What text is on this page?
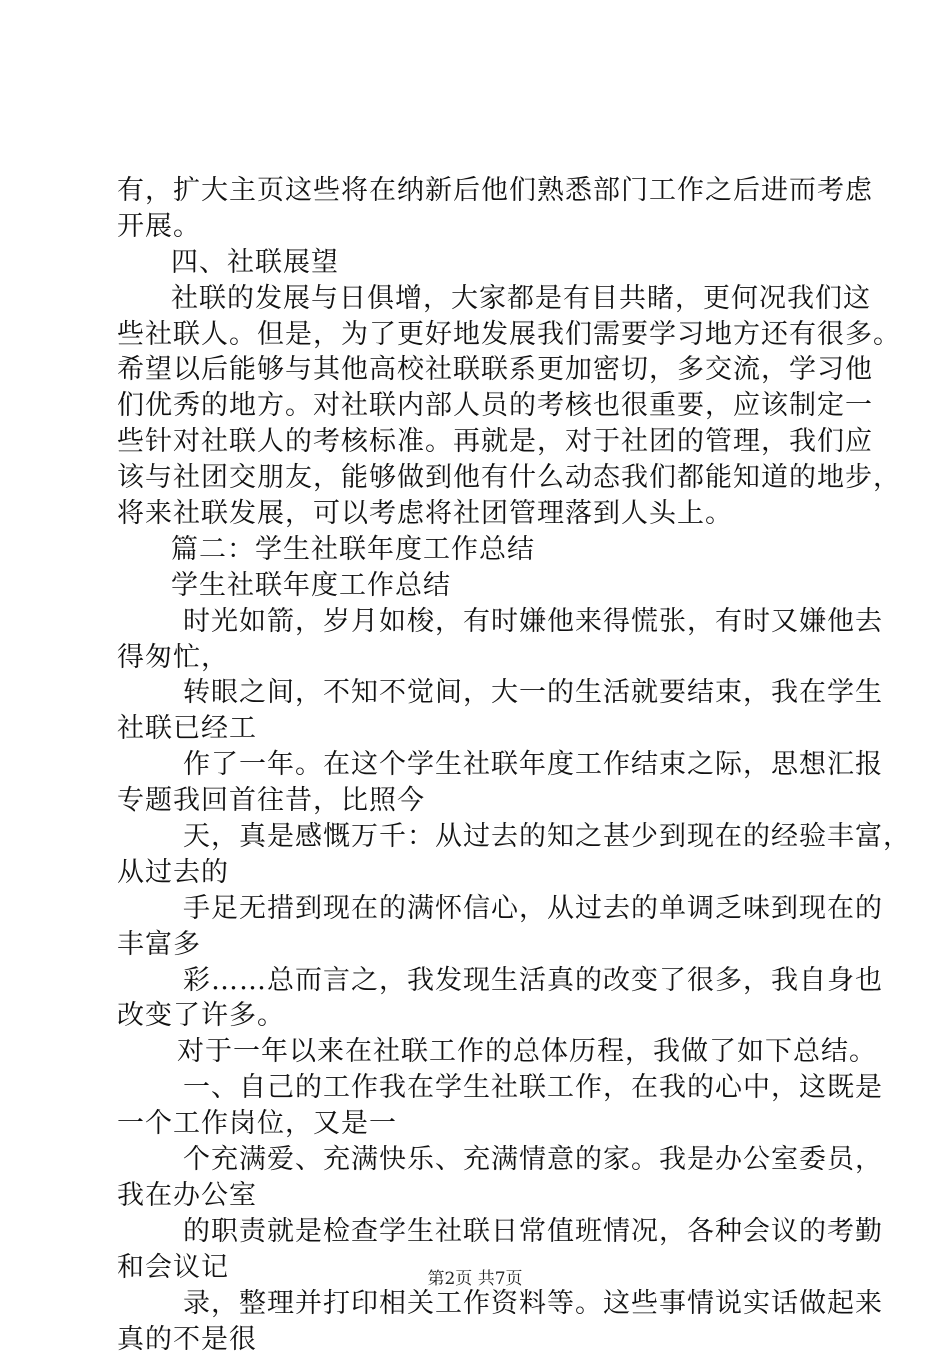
有，扩大主页这些将在纳新后他们熟悉部门工作之后进而考虑
开展。
四、社联展望
社联的发展与日俱增，大家都是有目共睹，更何况我们这
些社联人。但是，为了更好地发展我们需要学习地方还有很多。
希望以后能够与其他高校社联联系更加密切，多交流，学习他
们优秀的地方。对社联内部人员的考核也很重要，应该制定一
些针对社联人的考核标准。再就是，对于社团的管理，我们应
该与社团交朋友，能够做到他有什么动态我们都能知道的地步，
将来社联发展，可以考虑将社团管理落到人头上。
篇二：学生社联年度工作总结
学生社联年度工作总结
时光如箭，岁月如梭，有时嫌他来得慌张，有时又嫌他去
得匆忙，
转眼之间，不知不觉间，大一的生活就要结束，我在学生
社联已经工
作了一年。在这个学生社联年度工作结束之际，思想汇报
专题我回首往昔，比照今
天，真是感慨万千：从过去的知之甚少到现在的经验丰富，
从过去的
手足无措到现在的满怀信心，从过去的单调乏味到现在的
丰富多
彩……总而言之，我发现生活真的改变了很多，我自身也
改变了许多。
对于一年以来在社联工作的总体历程，我做了如下总结。
一、自己的工作我在学生社联工作，在我的心中，这既是
一个工作岗位，又是一
个充满爱、充满快乐、充满情意的家。我是办公室委员，
我在办公室
的职责就是检查学生社联日常值班情况，各种会议的考勤
和会议记
录，整理并打印相关工作资料等。这些事情说实话做起来
真的不是很
第2页 共7页
